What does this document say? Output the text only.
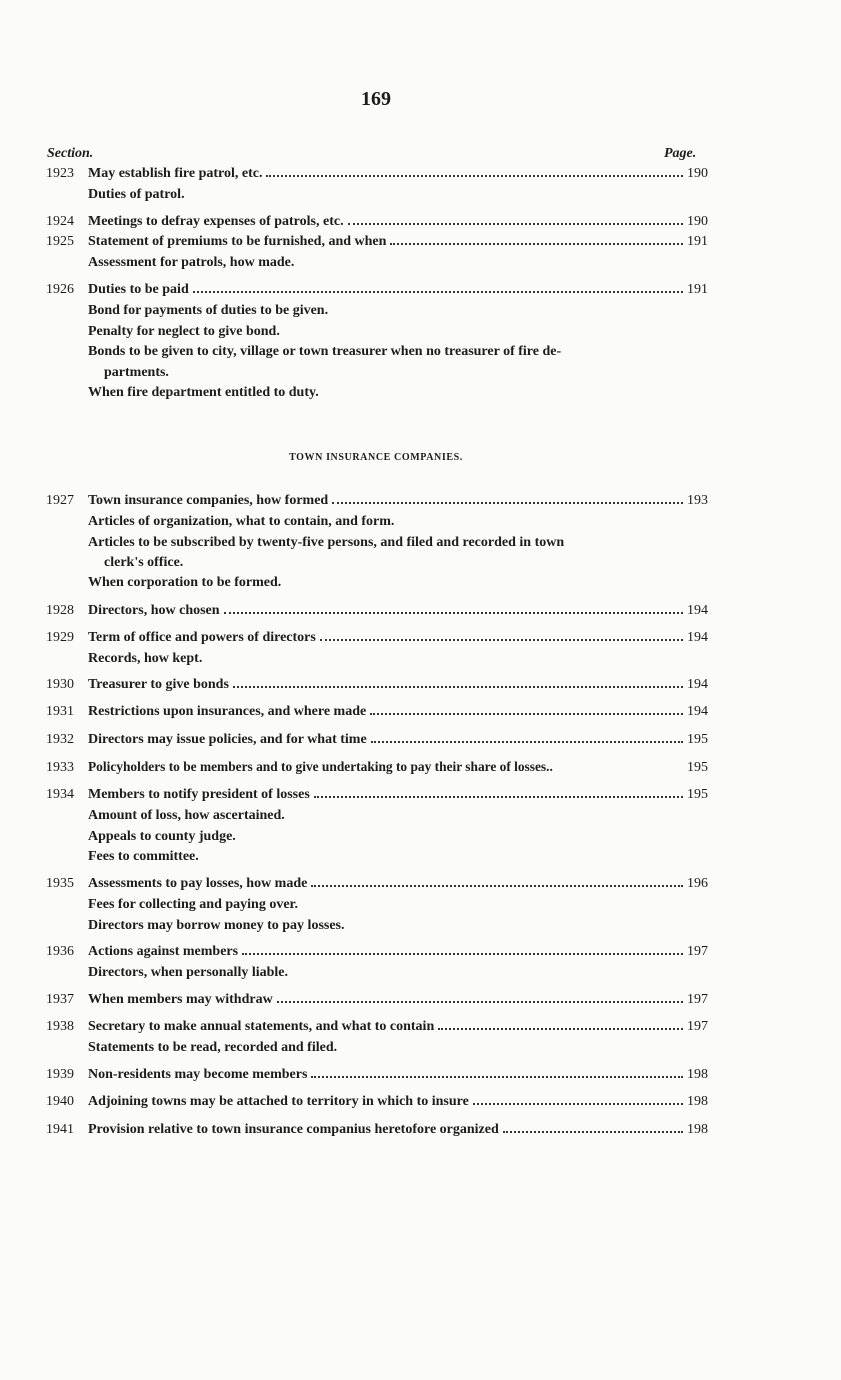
169
Section.	Page.
1923	May establish fire patrol, etc.	190
Duties of patrol.
1924	Meetings to defray expenses of patrols, etc.	190
1925	Statement of premiums to be furnished, and when	191
Assessment for patrols, how made.
1926	Duties to be paid	191
Bond for payments of duties to be given.
Penalty for neglect to give bond.
Bonds to be given to city, village or town treasurer when no treasurer of fire de-
partments.
When fire department entitled to duty.
TOWN INSURANCE COMPANIES.
1927	Town insurance companies, how formed	193
Articles of organization, what to contain, and form.
Articles to be subscribed by twenty-five persons, and filed and recorded in town
clerk's office.
When corporation to be formed.
1928	Directors, how chosen	194
1929	Term of office and powers of directors	194
Records, how kept.
1930	Treasurer to give bonds	194
1931	Restrictions upon insurances, and where made	194
1932	Directors may issue policies, and for what time	195
1933	Policyholders to be members and to give undertaking to pay their share of losses..	195
1934	Members to notify president of losses	195
Amount of loss, how ascertained.
Appeals to county judge.
Fees to committee.
1935	Assessments to pay losses, how made	196
Fees for collecting and paying over.
Directors may borrow money to pay losses.
1936	Actions against members	197
Directors, when personally liable.
1937	When members may withdraw	197
1938	Secretary to make annual statements, and what to contain	197
Statements to be read, recorded and filed.
1939	Non-residents may become members	198
1940	Adjoining towns may be attached to territory in which to insure	198
1941	Provision relative to town insurance companius heretofore organized	198
